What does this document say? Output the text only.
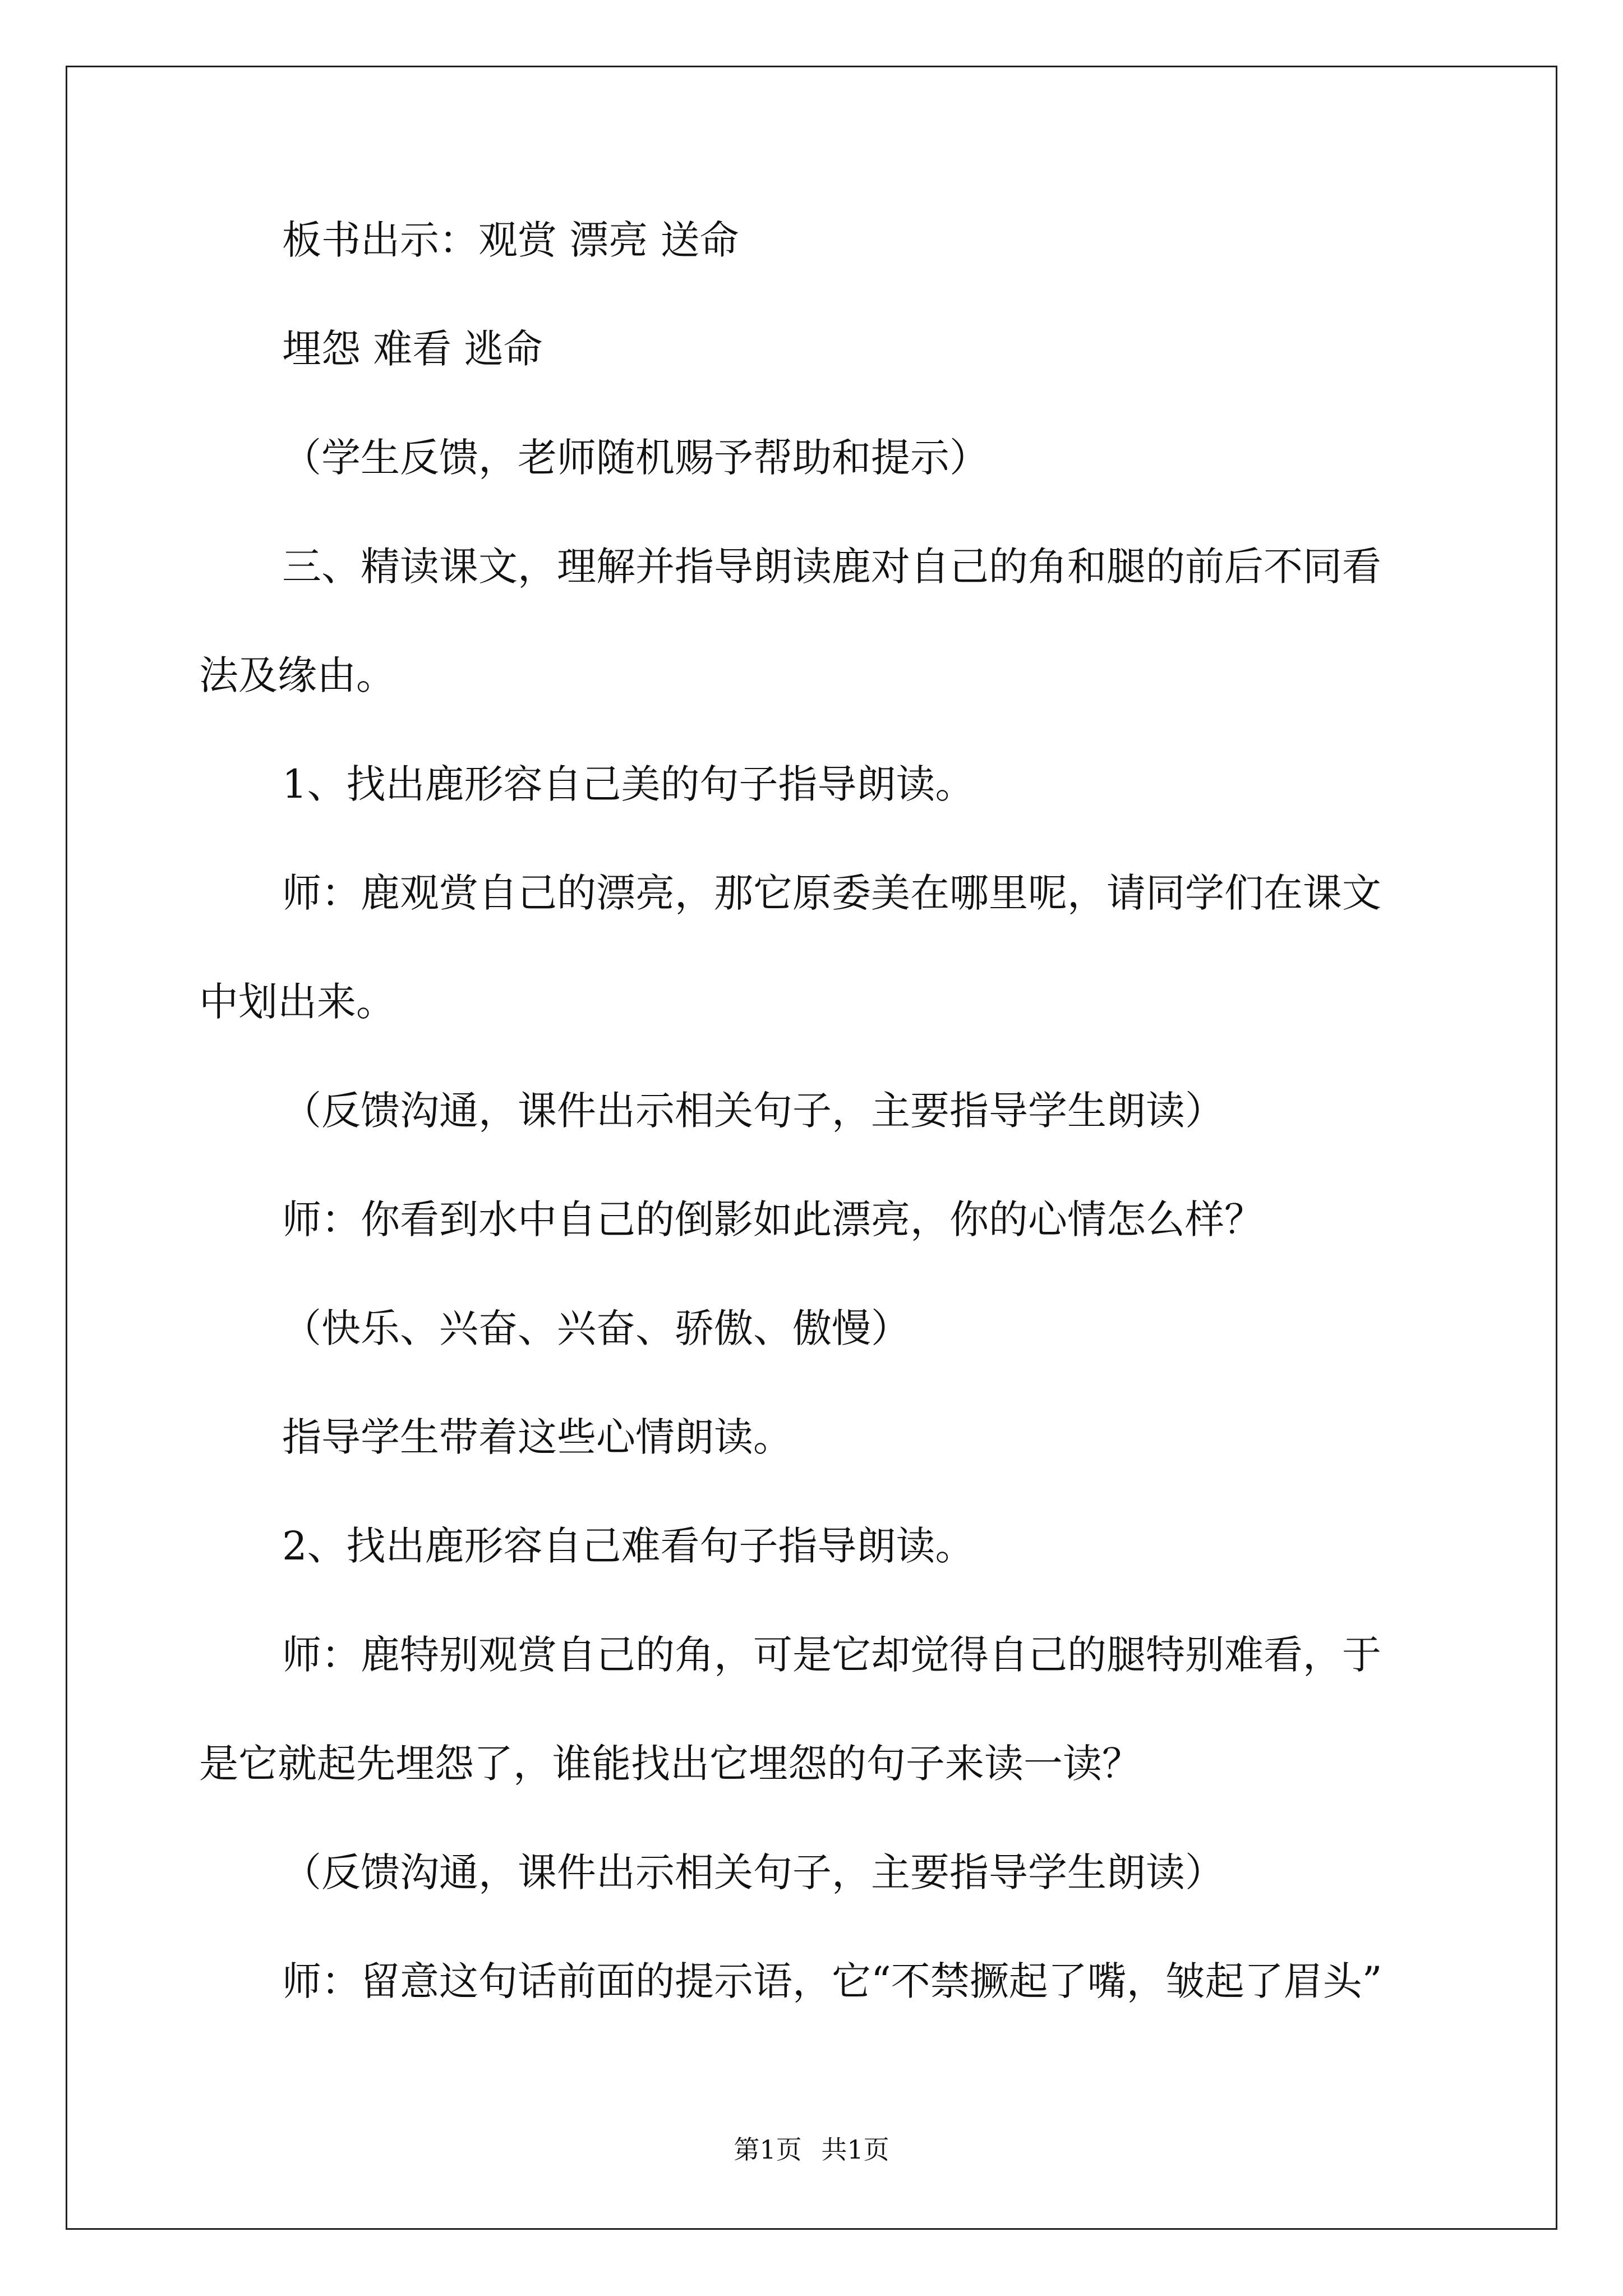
板书出示：观赏 漂亮 送命
埋怨 难看 逃命
（学生反馈，老师随机赐予帮助和提示）
三、精读课文，理解并指导朗读鹿对自己的角和腿的前后不同看
法及缘由。
1、找出鹿形容自己美的句子指导朗读。
师：鹿观赏自己的漂亮，那它原委美在哪里呢，请同学们在课文
中划出来。
（反馈沟通，课件出示相关句子，主要指导学生朗读）
师：你看到水中自己的倒影如此漂亮，你的心情怎么样？
（快乐、兴奋、兴奋、骄傲、傲慢）
指导学生带着这些心情朗读。
2、找出鹿形容自己难看句子指导朗读。
师：鹿特别观赏自己的角，可是它却觉得自己的腿特别难看，于
是它就起先埋怨了，谁能找出它埋怨的句子来读一读？
（反馈沟通，课件出示相关句子，主要指导学生朗读）
师：留意这句话前面的提示语，它“不禁撅起了嘴，皱起了眉头”
第1页 共1页
